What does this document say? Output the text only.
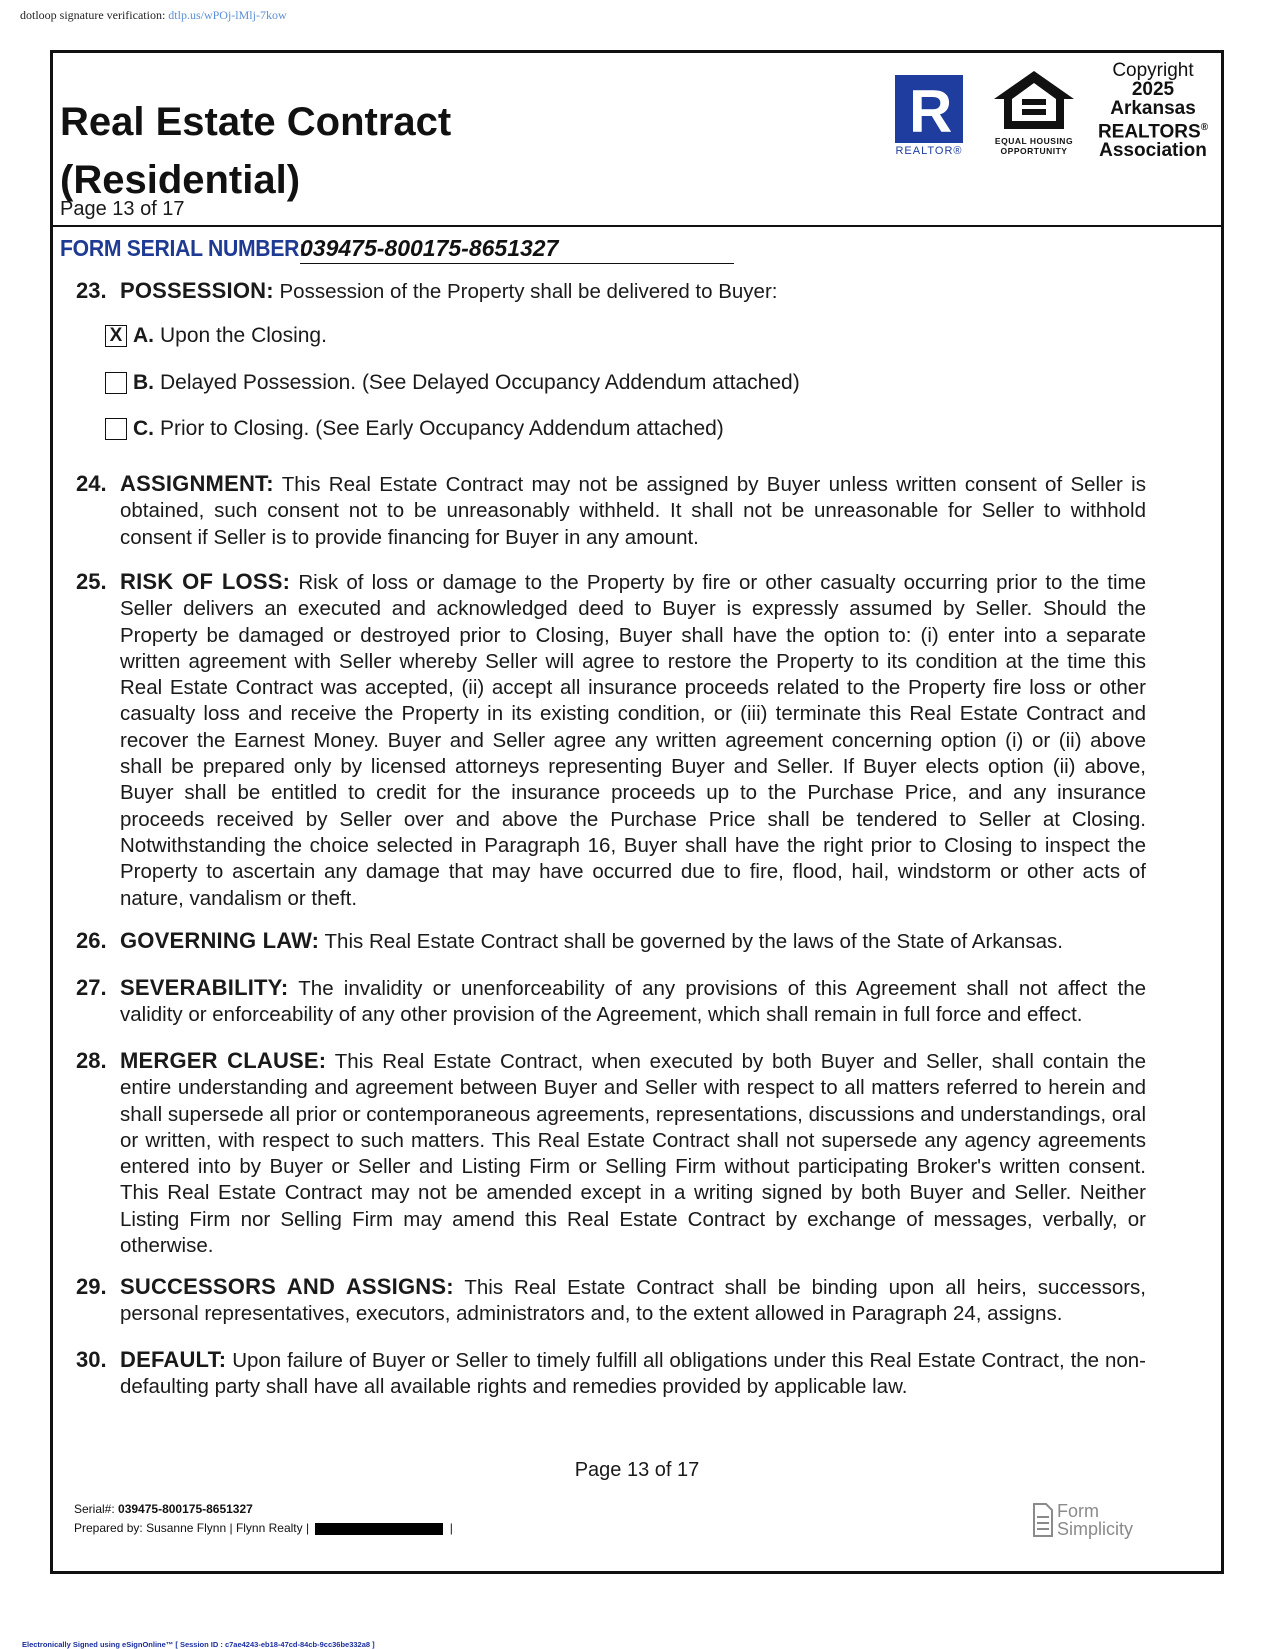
dotloop signature verification: dtlp.us/wPOj-lMlj-7kow
Real Estate Contract
(Residential)
Page 13 of 17
R
REALTOR®
EQUAL HOUSING
OPPORTUNITY
Copyright
2025
Arkansas
REALTORS®
Association
FORM SERIAL NUMBER:
039475-800175-8651327
23. POSSESSION: Possession of the Property shall be delivered to Buyer:
X A. Upon the Closing.
B. Delayed Possession. (See Delayed Occupancy Addendum attached)
C. Prior to Closing. (See Early Occupancy Addendum attached)
24. ASSIGNMENT: This Real Estate Contract may not be assigned by Buyer unless written consent of Seller is obtained, such consent not to be unreasonably withheld. It shall not be unreasonable for Seller to withhold consent if Seller is to provide financing for Buyer in any amount.
25. RISK OF LOSS: Risk of loss or damage to the Property by fire or other casualty occurring prior to the time Seller delivers an executed and acknowledged deed to Buyer is expressly assumed by Seller. Should the Property be damaged or destroyed prior to Closing, Buyer shall have the option to: (i) enter into a separate written agreement with Seller whereby Seller will agree to restore the Property to its condition at the time this Real Estate Contract was accepted, (ii) accept all insurance proceeds related to the Property fire loss or other casualty loss and receive the Property in its existing condition, or (iii) terminate this Real Estate Contract and recover the Earnest Money. Buyer and Seller agree any written agreement concerning option (i) or (ii) above shall be prepared only by licensed attorneys representing Buyer and Seller. If Buyer elects option (ii) above, Buyer shall be entitled to credit for the insurance proceeds up to the Purchase Price, and any insurance proceeds received by Seller over and above the Purchase Price shall be tendered to Seller at Closing. Notwithstanding the choice selected in Paragraph 16, Buyer shall have the right prior to Closing to inspect the Property to ascertain any damage that may have occurred due to fire, flood, hail, windstorm or other acts of nature, vandalism or theft.
26. GOVERNING LAW: This Real Estate Contract shall be governed by the laws of the State of Arkansas.
27. SEVERABILITY: The invalidity or unenforceability of any provisions of this Agreement shall not affect the validity or enforceability of any other provision of the Agreement, which shall remain in full force and effect.
28. MERGER CLAUSE: This Real Estate Contract, when executed by both Buyer and Seller, shall contain the entire understanding and agreement between Buyer and Seller with respect to all matters referred to herein and shall supersede all prior or contemporaneous agreements, representations, discussions and understandings, oral or written, with respect to such matters. This Real Estate Contract shall not supersede any agency agreements entered into by Buyer or Seller and Listing Firm or Selling Firm without participating Broker's written consent. This Real Estate Contract may not be amended except in a writing signed by both Buyer and Seller. Neither Listing Firm nor Selling Firm may amend this Real Estate Contract by exchange of messages, verbally, or otherwise.
29. SUCCESSORS AND ASSIGNS: This Real Estate Contract shall be binding upon all heirs, successors, personal representatives, executors, administrators and, to the extent allowed in Paragraph 24, assigns.
30. DEFAULT: Upon failure of Buyer or Seller to timely fulfill all obligations under this Real Estate Contract, the non-defaulting party shall have all available rights and remedies provided by applicable law.
Page 13 of 17
Serial#: 039475-800175-8651327
Prepared by: Susanne Flynn | Flynn Realty |	|
Form
Simplicity
Electronically Signed using eSignOnline™ [ Session ID : c7ae4243-eb18-47cd-84cb-9cc36be332a8 ]
